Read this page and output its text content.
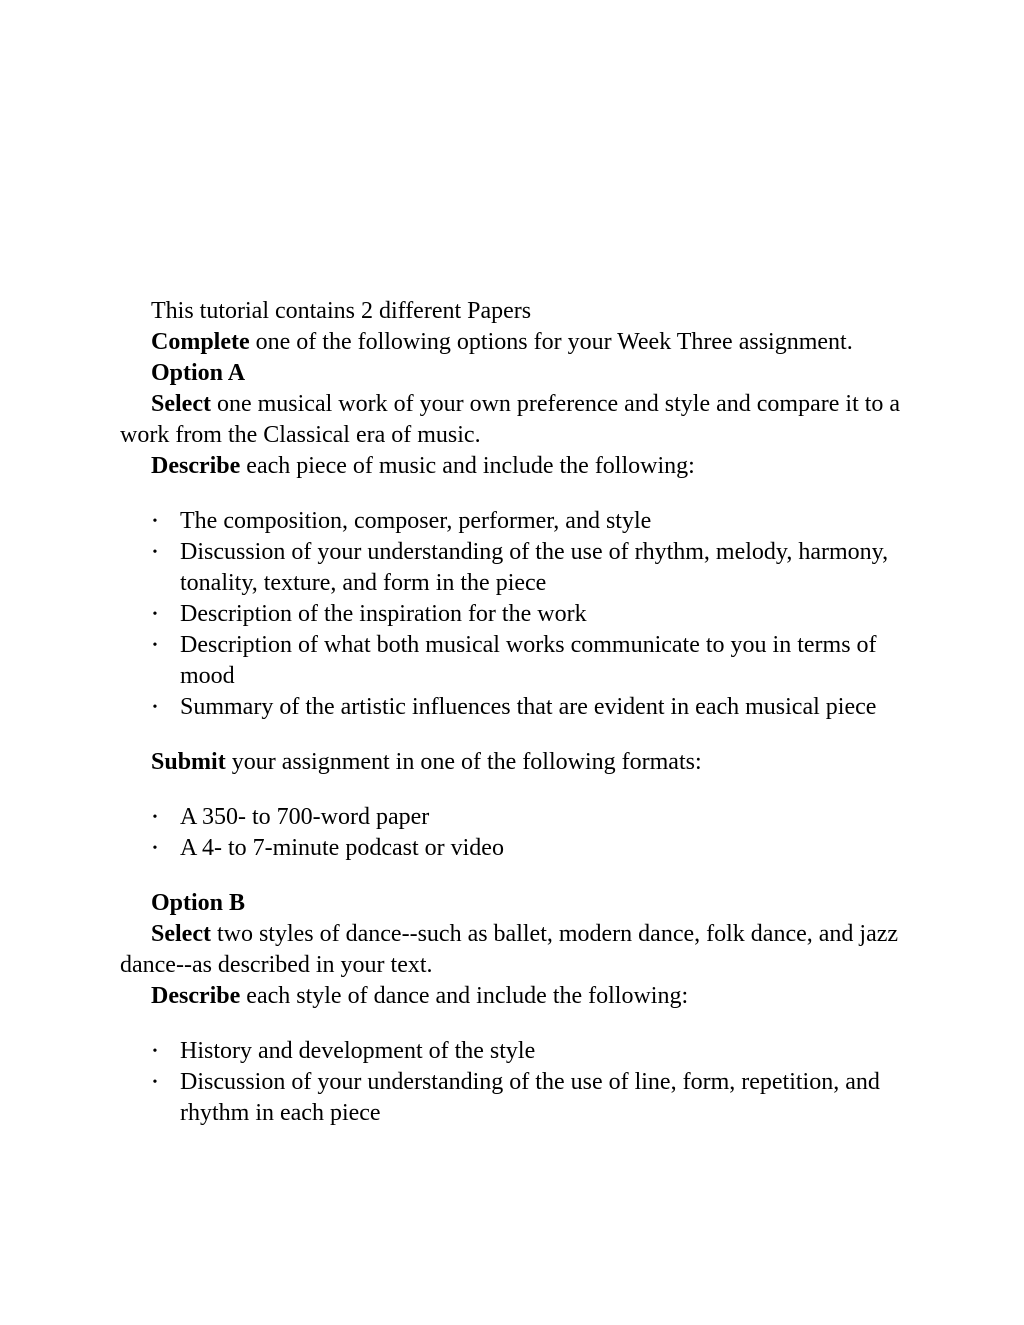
This tutorial contains 2 different Papers

Complete one of the following options for your Week Three assignment.

Option A

Select one musical work of your own preference and style and compare it to a work from the Classical era of music.

Describe each piece of music and include the following:

• The composition, composer, performer, and style
• Discussion of your understanding of the use of rhythm, melody, harmony, tonality, texture, and form in the piece
• Description of the inspiration for the work
• Description of what both musical works communicate to you in terms of mood
• Summary of the artistic influences that are evident in each musical piece

Submit your assignment in one of the following formats:

• A 350- to 700-word paper
• A 4- to 7-minute podcast or video

Option B

Select two styles of dance--such as ballet, modern dance, folk dance, and jazz dance--as described in your text.

Describe each style of dance and include the following:

• History and development of the style
• Discussion of your understanding of the use of line, form, repetition, and rhythm in each piece
